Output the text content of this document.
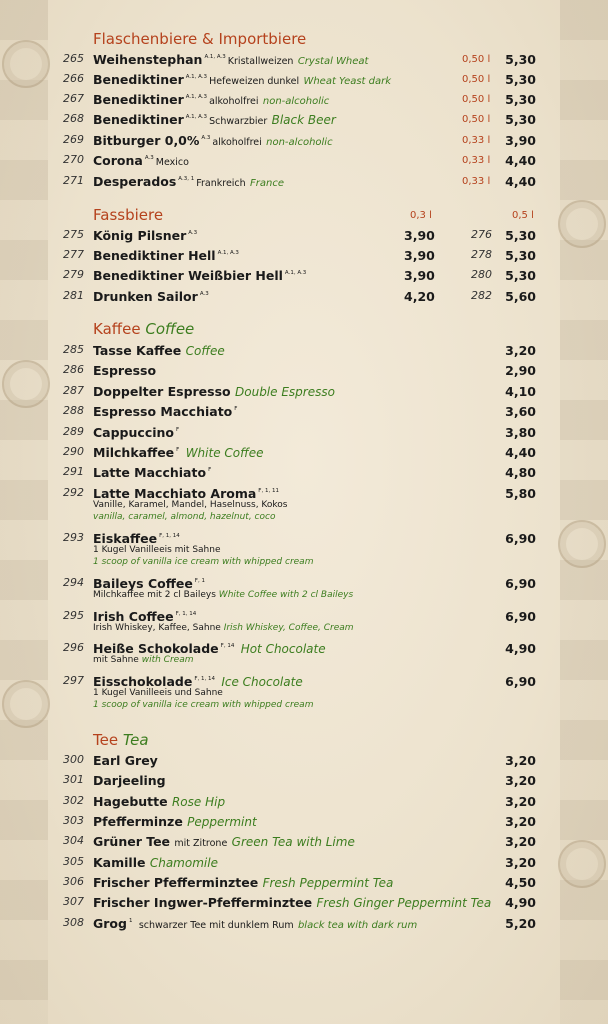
Flaschenbiere & Importbiere
265 Weihenstephan $^{A.1, A.3}$ Kristallweizen Crystal Wheat	0,50 l	5,30
266 Benediktiner $^{A.1, A.3}$ Hefeweizen dunkel Wheat Yeast dark	0,50 l	5,30
267 Benediktiner $^{A.1, A.3}$ alkoholfrei non-alcoholic	0,50 l	5,30
268 Benediktiner $^{A.1, A.3}$ Schwarzbier Black Beer	0,50 l	5,30
269 Bitburger 0,0% $^{A.3}$ alkoholfrei non-alcoholic	0,33 l	3,90
270 Corona $^{A.3}$ Mexico	0,33 l	4,40
271 Desperados $^{A.3, 1}$ Frankreich France	0,33 l	4,40
Fassbiere	0,3 l	0,5 l
275 König Pilsner $^{A.3}$	3,90	276	5,30
277 Benediktiner Hell $^{A.1, A.3}$	3,90	278	5,30
279 Benediktiner Weißbier Hell $^{A.1, A.3}$	3,90	280	5,30
281 Drunken Sailor $^{A.3}$	4,20	282	5,60
Kaffee Coffee
285 Tasse Kaffee Coffee	3,20
286 Espresso	2,90
287 Doppelter Espresso Double Espresso	4,10
288 Espresso Macchiato $^F$	3,60
289 Cappuccino $^F$	3,80
290 Milchkaffee $^F$ White Coffee	4,40
291 Latte Macchiato $^F$	4,80
292 Latte Macchiato Aroma $^{F, 1, 11}$	5,80
Vanille, Karamel, Mandel, Haselnuss, Kokos
vanilla, caramel, almond, hazelnut, coco
293 Eiskaffee $^{F, 1, 14}$	6,90
1 Kugel Vanilleeis mit Sahne
1 scoop of vanilla ice cream with whipped cream
294 Baileys Coffee $^{F, 1}$	6,90
Milchkaffee mit 2 cl Baileys White Coffee with 2 cl Baileys
295 Irish Coffee $^{F, 1, 14}$	6,90
Irish Whiskey, Kaffee, Sahne Irish Whiskey, Coffee, Cream
296 Heiße Schokolade $^{F, 14}$ Hot Chocolate	4,90
mit Sahne with Cream
297 Eisschokolade $^{F, 1, 14}$ Ice Chocolate	6,90
1 Kugel Vanilleeis und Sahne
1 scoop of vanilla ice cream with whipped cream
Tee Tea
300 Earl Grey	3,20
301 Darjeeling	3,20
302 Hagebutte Rose Hip	3,20
303 Pfefferminze Peppermint	3,20
304 Grüner Tee mit Zitrone Green Tea with Lime	3,20
305 Kamille Chamomile	3,20
306 Frischer Pfefferminztee Fresh Peppermint Tea	4,50
307 Frischer Ingwer-Pfefferminztee Fresh Ginger Peppermint Tea	4,90
308 Grog $^1$ schwarzer Tee mit dunklem Rum black tea with dark rum	5,20
